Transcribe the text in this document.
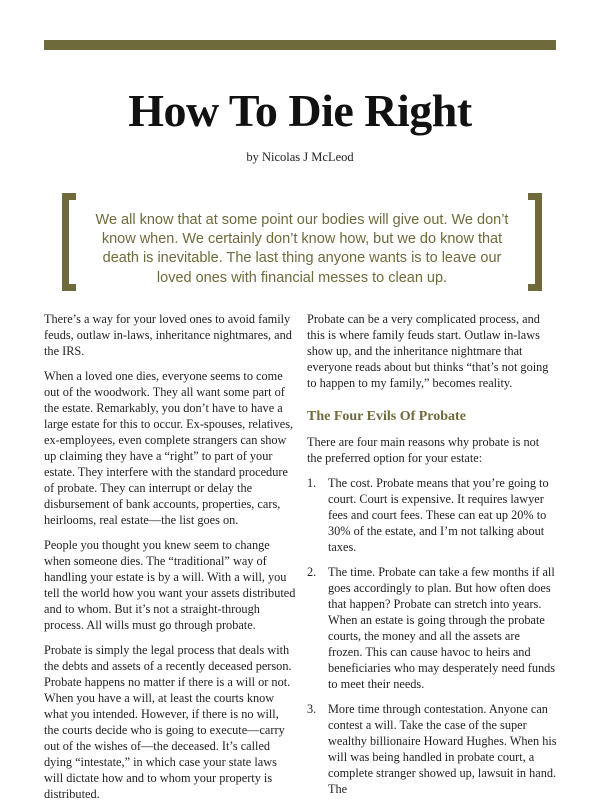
How To Die Right
by Nicolas J McLeod

We all know that at some point our bodies will give out. We don’t know when. We certainly don’t know how, but we do know that death is inevitable. The last thing anyone wants is to leave our loved ones with financial messes to clean up.

There’s a way for your loved ones to avoid family feuds, outlaw in-laws, inheritance nightmares, and the IRS.

When a loved one dies, everyone seems to come out of the woodwork. They all want some part of the estate. Remarkably, you don’t have to have a large estate for this to occur. Ex-spouses, relatives, ex-employees, even complete strangers can show up claiming they have a “right” to part of your estate. They interfere with the standard procedure of probate. They can interrupt or delay the disbursement of bank accounts, properties, cars, heirlooms, real estate—the list goes on.

People you thought you knew seem to change when someone dies. The “traditional” way of handling your estate is by a will. With a will, you tell the world how you want your assets distributed and to whom. But it’s not a straight-through process. All wills must go through probate.

Probate is simply the legal process that deals with the debts and assets of a recently deceased person. Probate happens no matter if there is a will or not. When you have a will, at least the courts know what you intended. However, if there is no will, the courts decide who is going to execute—carry out of the wishes of—the deceased. It’s called dying “intestate,” in which case your state laws will dictate how and to whom your property is distributed.

Probate can be a very complicated process, and this is where family feuds start. Outlaw in-laws show up, and the inheritance nightmare that everyone reads about but thinks “that’s not going to happen to my family,” becomes reality.

The Four Evils Of Probate

There are four main reasons why probate is not the preferred option for your estate:

1. The cost. Probate means that you’re going to court. Court is expensive. It requires lawyer fees and court fees. These can eat up 20% to 30% of the estate, and I’m not talking about taxes.
2. The time. Probate can take a few months if all goes accordingly to plan. But how often does that happen? Probate can stretch into years. When an estate is going through the probate courts, the money and all the assets are frozen. This can cause havoc to heirs and beneficiaries who may desperately need funds to meet their needs.
3. More time through contestation. Anyone can contest a will. Take the case of the super wealthy billionaire Howard Hughes. When his will was being handled in probate court, a complete stranger showed up, lawsuit in hand. The
